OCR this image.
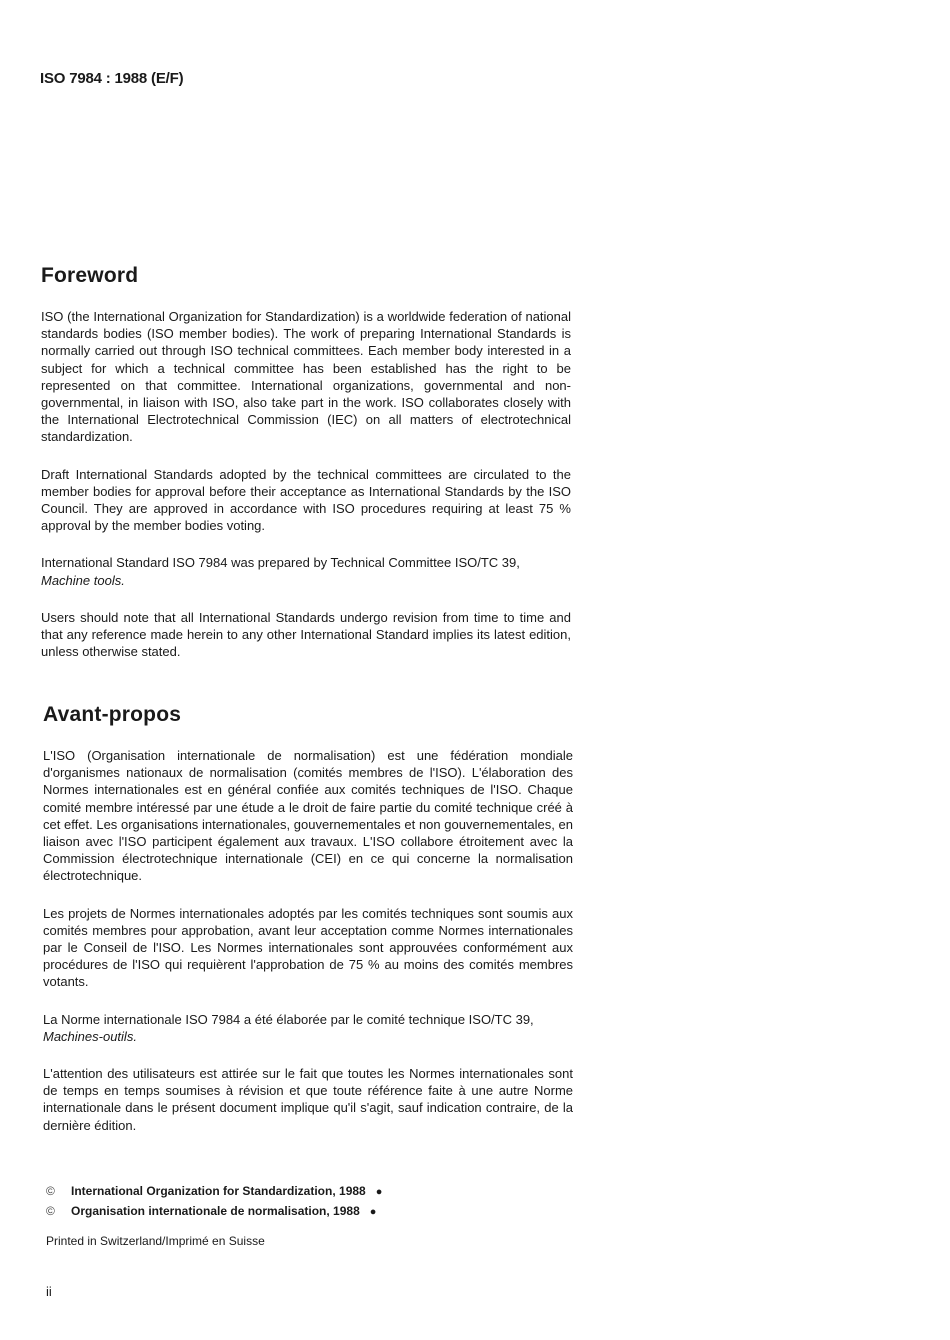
ISO 7984 : 1988 (E/F)
Foreword

ISO (the International Organization for Standardization) is a worldwide federation of national standards bodies (ISO member bodies). The work of preparing International Standards is normally carried out through ISO technical committees. Each member body interested in a subject for which a technical committee has been established has the right to be represented on that committee. International organizations, governmental and non-governmental, in liaison with ISO, also take part in the work. ISO collaborates closely with the International Electrotechnical Commission (IEC) on all matters of electrotechnical standardization.

Draft International Standards adopted by the technical committees are circulated to the member bodies for approval before their acceptance as International Standards by the ISO Council. They are approved in accordance with ISO procedures requiring at least 75 % approval by the member bodies voting.

International Standard ISO 7984 was prepared by Technical Committee ISO/TC 39,
Machine tools.

Users should note that all International Standards undergo revision from time to time and that any reference made herein to any other International Standard implies its latest edition, unless otherwise stated.

Avant-propos

L'ISO (Organisation internationale de normalisation) est une fédération mondiale d'organismes nationaux de normalisation (comités membres de l'ISO). L'élaboration des Normes internationales est en général confiée aux comités techniques de l'ISO. Chaque comité membre intéressé par une étude a le droit de faire partie du comité technique créé à cet effet. Les organisations internationales, gouvernementales et non gouvernementales, en liaison avec l'ISO participent également aux travaux. L'ISO collabore étroitement avec la Commission électrotechnique internationale (CEI) en ce qui concerne la normalisation électrotechnique.

Les projets de Normes internationales adoptés par les comités techniques sont soumis aux comités membres pour approbation, avant leur acceptation comme Normes internationales par le Conseil de l'ISO. Les Normes internationales sont approuvées conformément aux procédures de l'ISO qui requièrent l'approbation de 75 % au moins des comités membres votants.

La Norme internationale ISO 7984 a été élaborée par le comité technique ISO/TC 39,
Machines-outils.

L'attention des utilisateurs est attirée sur le fait que toutes les Normes internationales sont de temps en temps soumises à révision et que toute référence faite à une autre Norme internationale dans le présent document implique qu'il s'agit, sauf indication contraire, de la dernière édition.

© International Organization for Standardization, 1988 ●
© Organisation internationale de normalisation, 1988 ●
Printed in Switzerland/Imprimé en Suisse
ii
